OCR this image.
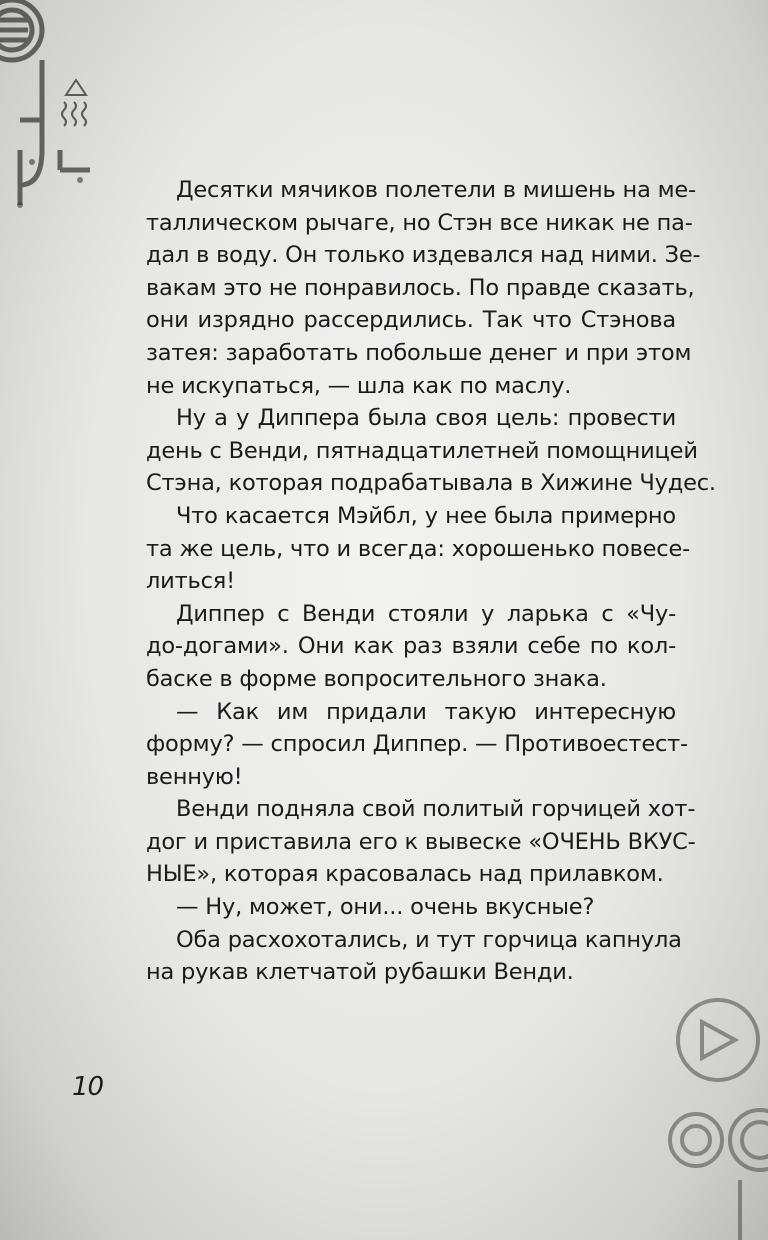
Десятки мячиков полетели в мишень на ме-
таллическом рычаге, но Стэн все никак не па-
дал в воду. Он только издевался над ними. Зе-
вакам это не понравилось. По правде сказать,
они изрядно рассердились. Так что Стэнова
затея: заработать побольше денег и при этом
не искупаться, — шла как по маслу.
Ну а у Диппера была своя цель: провести
день с Венди, пятнадцатилетней помощницей
Стэна, которая подрабатывала в Хижине Чудес.
Что касается Мэйбл, у нее была примерно
та же цель, что и всегда: хорошенько повесе-
литься!
Диппер с Венди стояли у ларька с «Чу-
до-догами». Они как раз взяли себе по кол-
баске в форме вопросительного знака.
— Как им придали такую интересную
форму? — спросил Диппер. — Противоестест-
венную!
Венди подняла свой политый горчицей хот-
дог и приставила его к вывеске «ОЧЕНЬ ВКУС-
НЫЕ», которая красовалась над прилавком.
— Ну, может, они... очень вкусные?
Оба расхохотались, и тут горчица капнула
на рукав клетчатой рубашки Венди.
10
